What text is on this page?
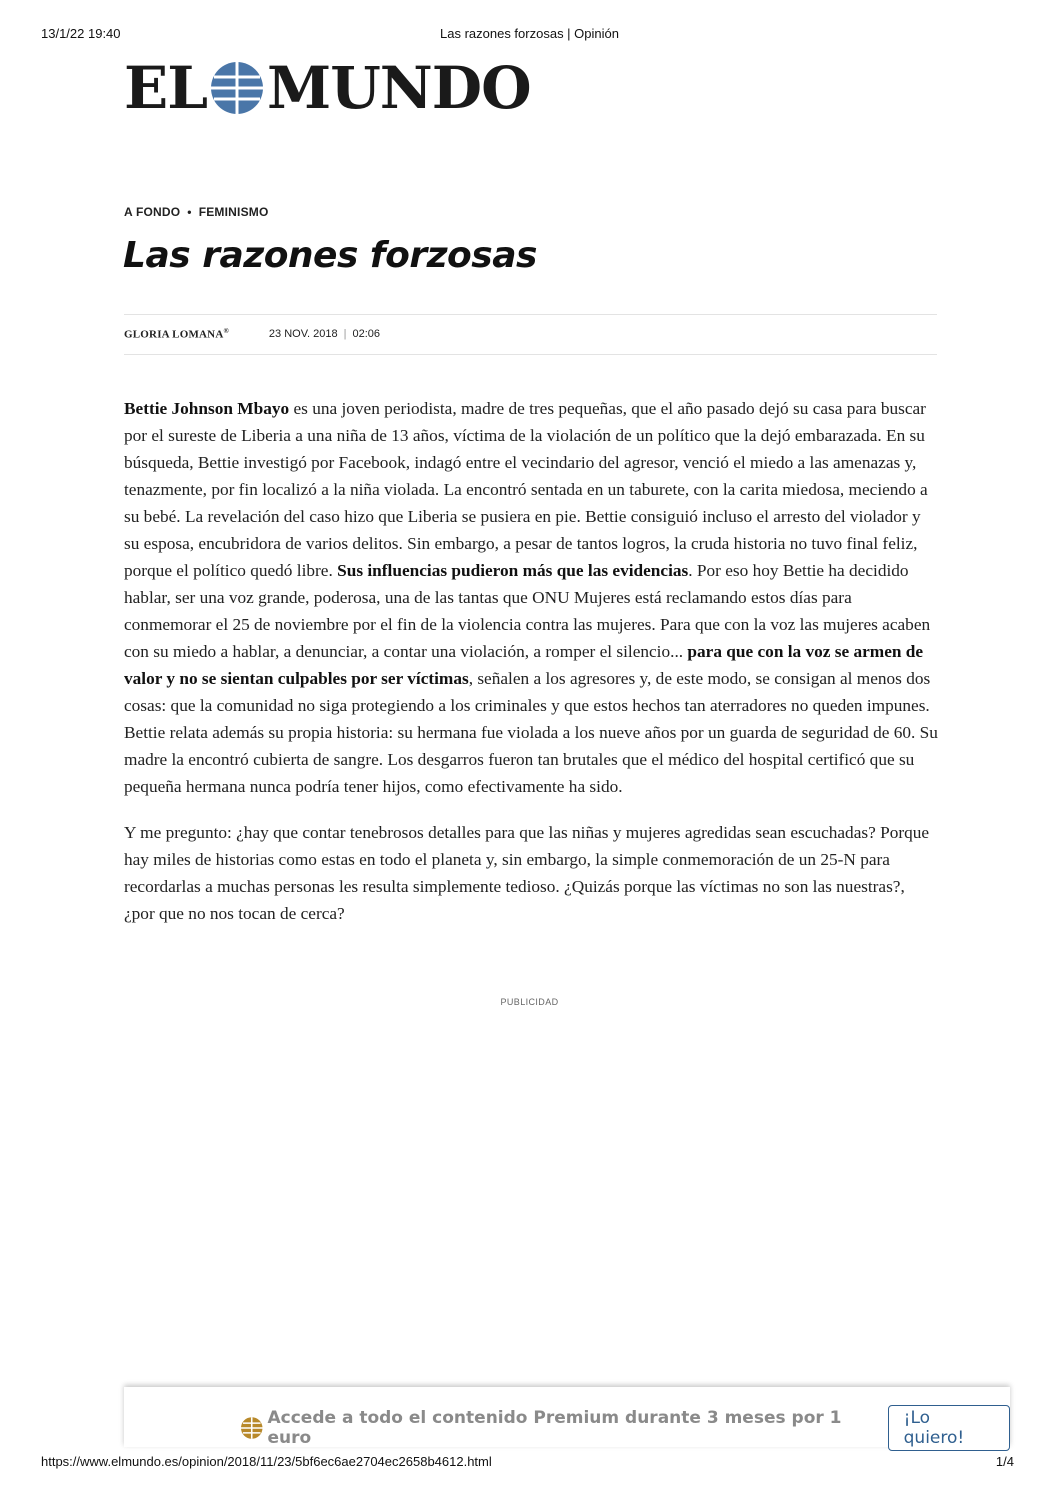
13/1/22 19:40	Las razones forzosas | Opinión
EL MUNDO
A FONDO • FEMINISMO
Las razones forzosas
GLORIA LOMANA®	23 NOV. 2018 | 02:06

Bettie Johnson Mbayo es una joven periodista, madre de tres pequeñas, que el año pasado dejó su casa para buscar por el sureste de Liberia a una niña de 13 años, víctima de la violación de un político que la dejó embarazada. En su búsqueda, Bettie investigó por Facebook, indagó entre el vecindario del agresor, venció el miedo a las amenazas y, tenazmente, por fin localizó a la niña violada. La encontró sentada en un taburete, con la carita miedosa, meciendo a su bebé. La revelación del caso hizo que Liberia se pusiera en pie. Bettie consiguió incluso el arresto del violador y su esposa, encubridora de varios delitos. Sin embargo, a pesar de tantos logros, la cruda historia no tuvo final feliz, porque el político quedó libre. Sus influencias pudieron más que las evidencias. Por eso hoy Bettie ha decidido hablar, ser una voz grande, poderosa, una de las tantas que ONU Mujeres está reclamando estos días para conmemorar el 25 de noviembre por el fin de la violencia contra las mujeres. Para que con la voz las mujeres acaben con su miedo a hablar, a denunciar, a contar una violación, a romper el silencio... para que con la voz se armen de valor y no se sientan culpables por ser víctimas, señalen a los agresores y, de este modo, se consigan al menos dos cosas: que la comunidad no siga protegiendo a los criminales y que estos hechos tan aterradores no queden impunes. Bettie relata además su propia historia: su hermana fue violada a los nueve años por un guarda de seguridad de 60. Su madre la encontró cubierta de sangre. Los desgarros fueron tan brutales que el médico del hospital certificó que su pequeña hermana nunca podría tener hijos, como efectivamente ha sido.

Y me pregunto: ¿hay que contar tenebrosos detalles para que las niñas y mujeres agredidas sean escuchadas? Porque hay miles de historias como estas en todo el planeta y, sin embargo, la simple conmemoración de un 25-N para recordarlas a muchas personas les resulta simplemente tedioso. ¿Quizás porque las víctimas no son las nuestras?, ¿por que no nos tocan de cerca?

PUBLICIDAD
Accede a todo el contenido Premium durante 3 meses por 1 euro
¡Lo quiero!
https://www.elmundo.es/opinion/2018/11/23/5bf6ec6ae2704ec2658b4612.html	1/4
